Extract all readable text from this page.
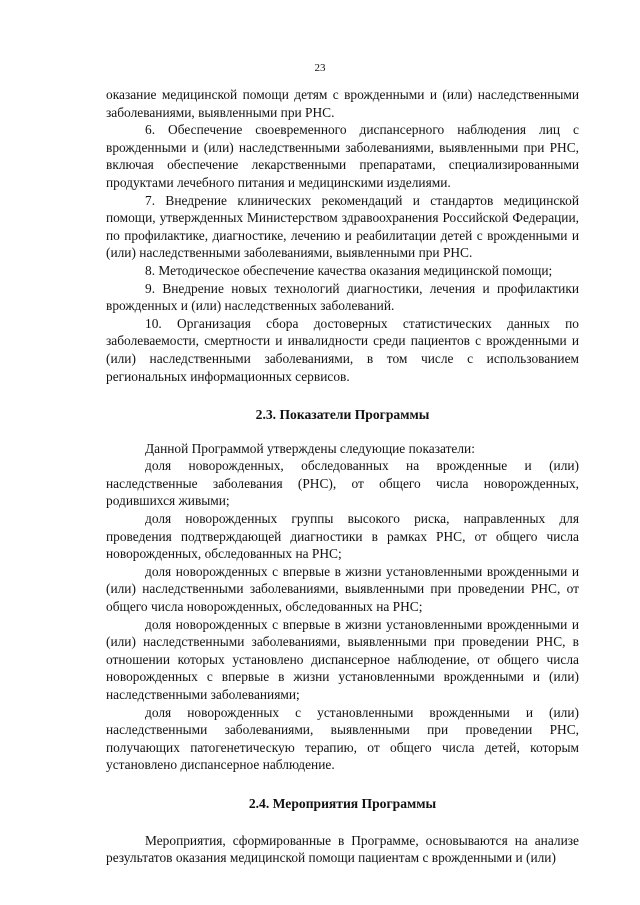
23

оказание медицинской помощи детям с врожденными и (или) наследственными заболеваниями, выявленными при РНС.

6. Обеспечение своевременного диспансерного наблюдения лиц с врожденными и (или) наследственными заболеваниями, выявленными при РНС, включая обеспечение лекарственными препаратами, специализированными продуктами лечебного питания и медицинскими изделиями.

7. Внедрение клинических рекомендаций и стандартов медицинской помощи, утвержденных Министерством здравоохранения Российской Федерации, по профилактике, диагностике, лечению и реабилитации детей с врожденными и (или) наследственными заболеваниями, выявленными при РНС.

8. Методическое обеспечение качества оказания медицинской помощи;

9. Внедрение новых технологий диагностики, лечения и профилактики врожденных и (или) наследственных заболеваний.

10. Организация сбора достоверных статистических данных по заболеваемости, смертности и инвалидности среди пациентов с врожденными и (или) наследственными заболеваниями, в том числе с использованием региональных информационных сервисов.

2.3. Показатели Программы

Данной Программой утверждены следующие показатели:

доля новорожденных, обследованных на врожденные и (или) наследственные заболевания (РНС), от общего числа новорожденных, родившихся живыми;

доля новорожденных группы высокого риска, направленных для проведения подтверждающей диагностики в рамках РНС, от общего числа новорожденных, обследованных на РНС;

доля новорожденных с впервые в жизни установленными врожденными и (или) наследственными заболеваниями, выявленными при проведении РНС, от общего числа новорожденных, обследованных на РНС;

доля новорожденных с впервые в жизни установленными врожденными и (или) наследственными заболеваниями, выявленными при проведении РНС, в отношении которых установлено диспансерное наблюдение, от общего числа новорожденных с впервые в жизни установленными врожденными и (или) наследственными заболеваниями;

доля новорожденных с установленными врожденными и (или) наследственными заболеваниями, выявленными при проведении РНС, получающих патогенетическую терапию, от общего числа детей, которым установлено диспансерное наблюдение.

2.4. Мероприятия Программы

Мероприятия, сформированные в Программе, основываются на анализе результатов оказания медицинской помощи пациентам с врожденными и (или)
